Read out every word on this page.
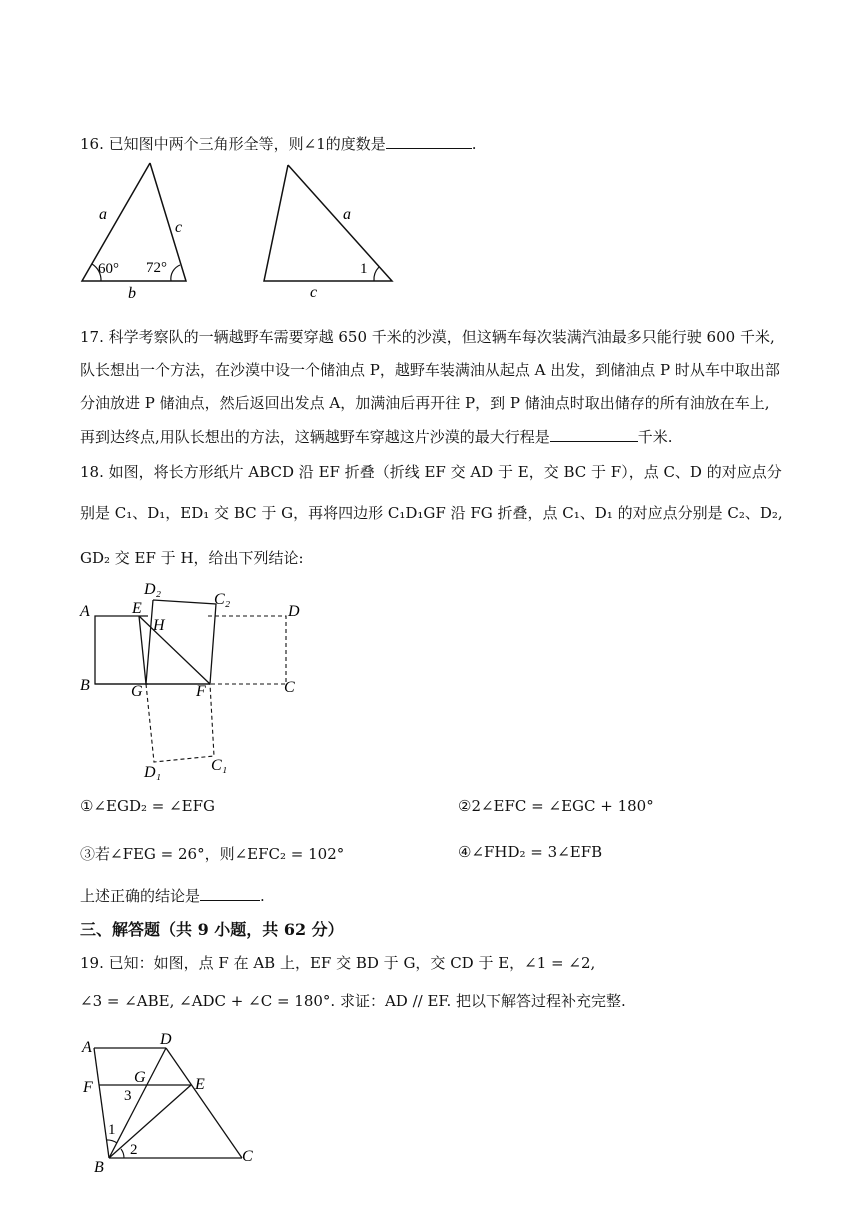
16. 已知图中两个三角形全等，则∠1的度数是	.
a
c
b
60° 72°
a
c
1
17. 科学考察队的一辆越野车需要穿越 650 千米的沙漠，但这辆车每次装满汽油最多只能行驶 600 千米,
队长想出一个方法，在沙漠中设一个储油点 P，越野车装满油从起点 A 出发，到储油点 P 时从车中取出部
分油放进 P 储油点，然后返回出发点 A，加满油后再开往 P，到 P 储油点时取出储存的所有油放在车上,
再到达终点,用队长想出的方法，这辆越野车穿越这片沙漠的最大行程是	千米.
18. 如图，将长方形纸片 ABCD 沿 EF 折叠（折线 EF 交 AD 于 E，交 BC 于 F），点 C、D 的对应点分
别是 C₁、D₁，ED₁ 交 BC 于 G，再将四边形 C₁D₁GF 沿 FG 折叠，点 C₁、D₁ 的对应点分别是 C₂、D₂,
GD₂ 交 EF 于 H，给出下列结论:
A	E
D₂
C₂
D
H
B	G	F	C
D₁	C₁
①∠EGD₂ = ∠EFG	②2∠EFC = ∠EGC + 180°
③若∠FEG = 26°，则∠EFC₂ = 102°	④∠FHD₂ = 3∠EFB
上述正确的结论是	.
三、解答题（共 9 小题，共 62 分）
19. 已知：如图，点 F 在 AB 上，EF 交 BD 于 G，交 CD 于 E，∠1 = ∠2,
∠3 = ∠ABE, ∠ADC + ∠C = 180°. 求证：AD // EF. 把以下解答过程补充完整.
A	D
F
G	E
3
1
2
B
C
